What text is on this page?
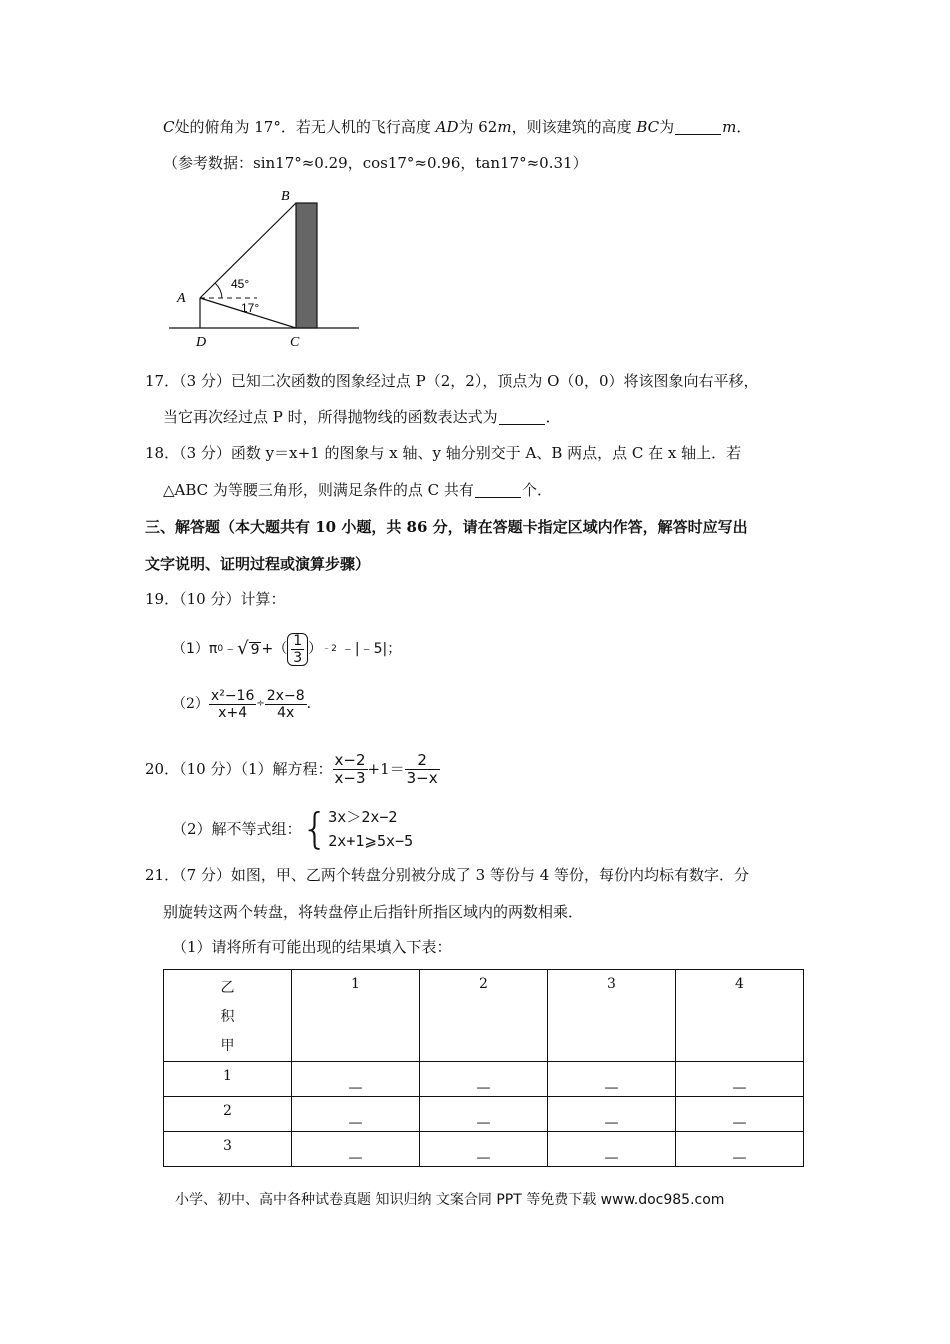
C处的俯角为 17°．若无人机的飞行高度 AD为 62m，则该建筑的高度 BC为	m．
（参考数据：sin17°≈0.29，cos17°≈0.96，tan17°≈0.31）
A
B
D	C
45°
17°
17．（3 分）已知二次函数的图象经过点 P（2，2），顶点为 O（0，0）将该图象向右平移，
当它再次经过点 P 时，所得抛物线的函数表达式为	．
18．（3 分）函数 y＝x+1 的图象与 x 轴、y 轴分别交于 A、B 两点，点 C 在 x 轴上．若
△ABC 为等腰三角形，则满足条件的点 C 共有	个．
三、解答题（本大题共有 10 小题，共 86 分，请在答题卡指定区域内作答，解答时应写出
文字说明、证明过程或演算步骤）
19．（10 分）计算：
（1）π 0 ﹣ √ 9 +（ $\frac{1}{3}$ ） ﹣2 ﹣|﹣5|；
$(2) \frac{\text{x²−16}}{x+4} \div \frac{2x-8}{4x}$ ．
20．（10 分）（1）解方程： $\frac{x-2}{x-3} +1= \frac{2}{3-x}$
（2）解不等式组： { 3x＞2x−2
2x+1⩾5x−5
21．（7 分）如图，甲、乙两个转盘分别被分成了 3 等份与 4 等份，每份内均标有数字．分
别旋转这两个转盘，将转盘停止后指针所指区域内的两数相乘．
（1）请将所有可能出现的结果填入下表：
乙
积
甲	1	2	3	4
1	—	—	—	—
2	—	—	—	—
3	—	—	—	—
小学、初中、高中各种试卷真题 知识归纳 文案合同 PPT 等免费下载 www.doc985.com
